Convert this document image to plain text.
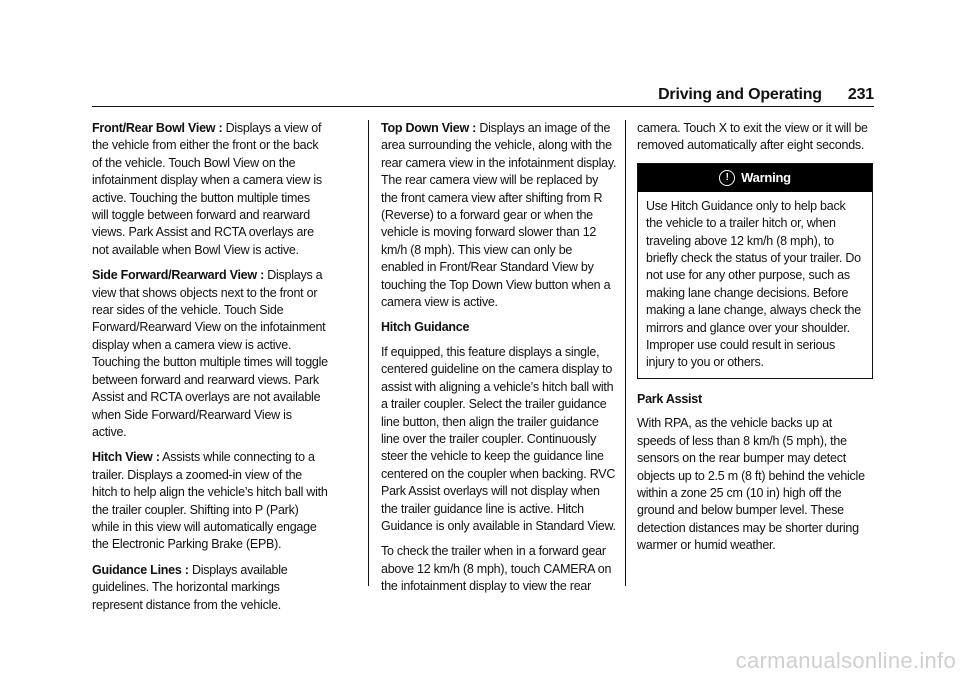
Driving and Operating 231

Front/Rear Bowl View : Displays a view of the vehicle from either the front or the back of the vehicle. Touch Bowl View on the infotainment display when a camera view is active. Touching the button multiple times will toggle between forward and rearward views. Park Assist and RCTA overlays are not available when Bowl View is active.

Side Forward/Rearward View : Displays a view that shows objects next to the front or rear sides of the vehicle. Touch Side Forward/Rearward View on the infotainment display when a camera view is active. Touching the button multiple times will toggle between forward and rearward views. Park Assist and RCTA overlays are not available when Side Forward/Rearward View is active.

Hitch View : Assists while connecting to a trailer. Displays a zoomed-in view of the hitch to help align the vehicle’s hitch ball with the trailer coupler. Shifting into P (Park) while in this view will automatically engage the Electronic Parking Brake (EPB).

Guidance Lines : Displays available guidelines. The horizontal markings represent distance from the vehicle.

Top Down View : Displays an image of the area surrounding the vehicle, along with the rear camera view in the infotainment display. The rear camera view will be replaced by the front camera view after shifting from R (Reverse) to a forward gear or when the vehicle is moving forward slower than 12 km/h (8 mph). This view can only be enabled in Front/Rear Standard View by touching the Top Down View button when a camera view is active.

Hitch Guidance

If equipped, this feature displays a single, centered guideline on the camera display to assist with aligning a vehicle’s hitch ball with a trailer coupler. Select the trailer guidance line button, then align the trailer guidance line over the trailer coupler. Continuously steer the vehicle to keep the guidance line centered on the coupler when backing. RVC Park Assist overlays will not display when the trailer guidance line is active. Hitch Guidance is only available in Standard View.

To check the trailer when in a forward gear above 12 km/h (8 mph), touch CAMERA on the infotainment display to view the rear

camera. Touch X to exit the view or it will be removed automatically after eight seconds.

! Warning
Use Hitch Guidance only to help back the vehicle to a trailer hitch or, when traveling above 12 km/h (8 mph), to briefly check the status of your trailer. Do not use for any other purpose, such as making lane change decisions. Before making a lane change, always check the mirrors and glance over your shoulder. Improper use could result in serious injury to you or others.

Park Assist

With RPA, as the vehicle backs up at speeds of less than 8 km/h (5 mph), the sensors on the rear bumper may detect objects up to 2.5 m (8 ft) behind the vehicle within a zone 25 cm (10 in) high off the ground and below bumper level. These detection distances may be shorter during warmer or humid weather.

carmanualsonline.info
